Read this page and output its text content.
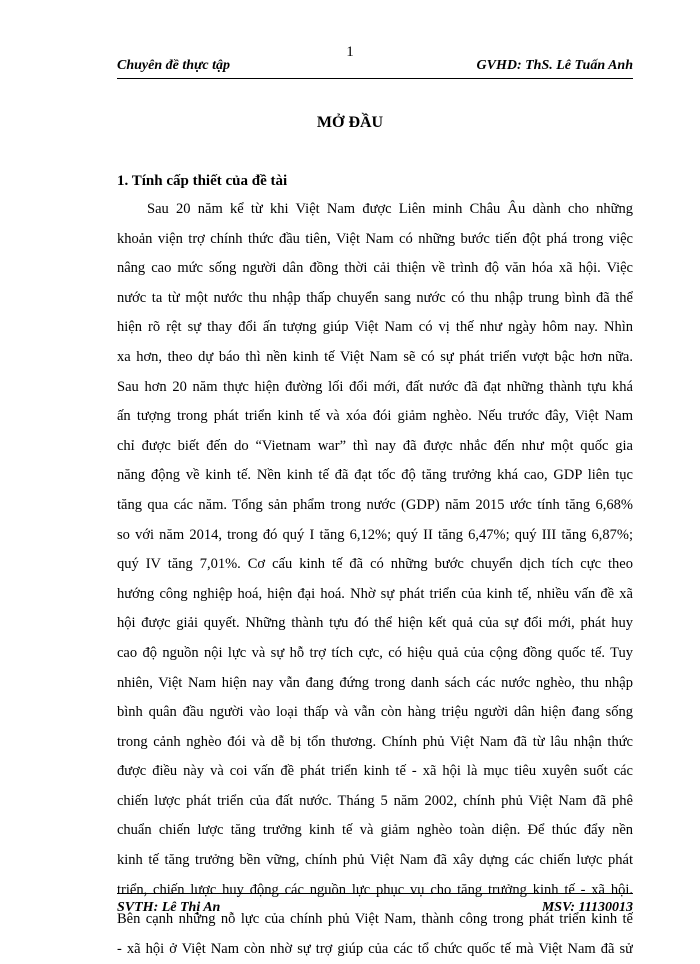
1
Chuyên đề thực tập	GVHD: ThS. Lê Tuấn Anh
MỞ ĐẦU
1. Tính cấp thiết của đề tài
Sau 20 năm kể từ khi Việt Nam được Liên minh Châu Âu dành cho những
khoản viện trợ chính thức đầu tiên, Việt Nam có những bước tiến đột phá trong việc
nâng cao mức sống người dân đồng thời cải thiện về trình độ văn hóa xã hội. Việc
nước ta từ một nước thu nhập thấp chuyển sang nước có thu nhập trung bình đã thể
hiện rõ rệt sự thay đổi ấn tượng giúp Việt Nam có vị thế như ngày hôm nay. Nhìn
xa hơn, theo dự báo thì nền kinh tế Việt Nam sẽ có sự phát triển vượt bậc hơn nữa.
Sau hơn 20 năm thực hiện đường lối đổi mới, đất nước đã đạt những thành tựu khá
ấn tượng trong phát triển kinh tế và xóa đói giảm nghèo. Nếu trước đây, Việt Nam
chỉ được biết đến do “Vietnam war” thì nay đã được nhắc đến như một quốc gia
năng động về kinh tế. Nền kinh tế đã đạt tốc độ tăng trưởng khá cao, GDP liên tục
tăng qua các năm. Tổng sản phẩm trong nước (GDP) năm 2015 ước tính tăng 6,68%
so với năm 2014, trong đó quý I tăng 6,12%; quý II tăng 6,47%; quý III tăng 6,87%;
quý IV tăng 7,01%. Cơ cấu kinh tế đã có những bước chuyển dịch tích cực theo
hướng công nghiệp hoá, hiện đại hoá. Nhờ sự phát triển của kinh tế, nhiều vấn đề xã
hội được giải quyết. Những thành tựu đó thể hiện kết quả của sự đổi mới, phát huy
cao độ nguồn nội lực và sự hỗ trợ tích cực, có hiệu quả của cộng đồng quốc tế. Tuy
nhiên, Việt Nam hiện nay vẫn đang đứng trong danh sách các nước nghèo, thu nhập
bình quân đầu người vào loại thấp và vẫn còn hàng triệu người dân hiện đang sống
trong cảnh nghèo đói và dễ bị tổn thương. Chính phủ Việt Nam đã từ lâu nhận thức
được điều này và coi vấn đề phát triển kinh tế - xã hội là mục tiêu xuyên suốt các
chiến lược phát triển của đất nước. Tháng 5 năm 2002, chính phủ Việt Nam đã phê
chuẩn chiến lược tăng trưởng kinh tế và giảm nghèo toàn diện. Để thúc đẩy nền
kinh tế tăng trưởng bền vững, chính phủ Việt Nam đã xây dựng các chiến lược phát
triển, chiến lược huy động các nguồn lực phục vụ cho tăng trưởng kinh tế - xã hội.
Bên cạnh những nỗ lực của chính phủ Việt Nam, thành công trong phát triển kinh tế
- xã hội ở Việt Nam còn nhờ sự trợ giúp của các tổ chức quốc tế mà Việt Nam đã sử
SVTH: Lê Thị An	MSV: 11130013
